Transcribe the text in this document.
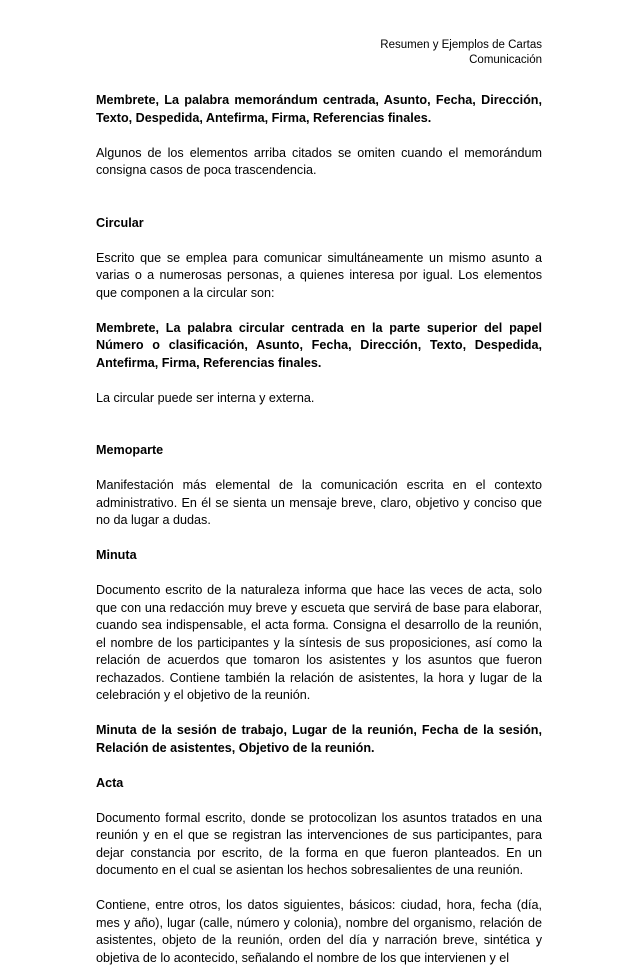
Resumen y Ejemplos de Cartas
Comunicación

Membrete, La palabra memorándum centrada, Asunto, Fecha, Dirección, Texto, Despedida, Antefirma, Firma, Referencias finales.

Algunos de los elementos arriba citados se omiten cuando el memorándum consigna casos de poca trascendencia.

Circular

Escrito que se emplea para comunicar simultáneamente un mismo asunto a varias o a numerosas personas, a quienes interesa por igual. Los elementos que componen a la circular son:

Membrete, La palabra circular centrada en la parte superior del papel Número o clasificación, Asunto, Fecha, Dirección, Texto, Despedida, Antefirma, Firma, Referencias finales.

La circular puede ser interna y externa.

Memoparte

Manifestación más elemental de la comunicación escrita en el contexto administrativo. En él se sienta un mensaje breve, claro, objetivo y conciso que no da lugar a dudas.

Minuta

Documento escrito de la naturaleza informa que hace las veces de acta, solo que con una redacción muy breve y escueta que servirá de base para elaborar, cuando sea indispensable, el acta forma. Consigna el desarrollo de la reunión, el nombre de los participantes y la síntesis de sus proposiciones, así como la relación de acuerdos que tomaron los asistentes y los asuntos que fueron rechazados. Contiene también la relación de asistentes, la hora y lugar de la celebración y el objetivo de la reunión.

Minuta de la sesión de trabajo, Lugar de la reunión, Fecha de la sesión, Relación de asistentes, Objetivo de la reunión.

Acta

Documento formal escrito, donde se protocolizan los asuntos tratados en una reunión y en el que se registran las intervenciones de sus participantes, para dejar constancia por escrito, de la forma en que fueron planteados. En un documento en el cual se asientan los hechos sobresalientes de una reunión.

Contiene, entre otros, los datos siguientes, básicos: ciudad, hora, fecha (día, mes y año), lugar (calle, número y colonia), nombre del organismo, relación de asistentes, objeto de la reunión, orden del día y narración breve, sintética y objetiva de lo acontecido, señalando el nombre de los que intervienen y el
